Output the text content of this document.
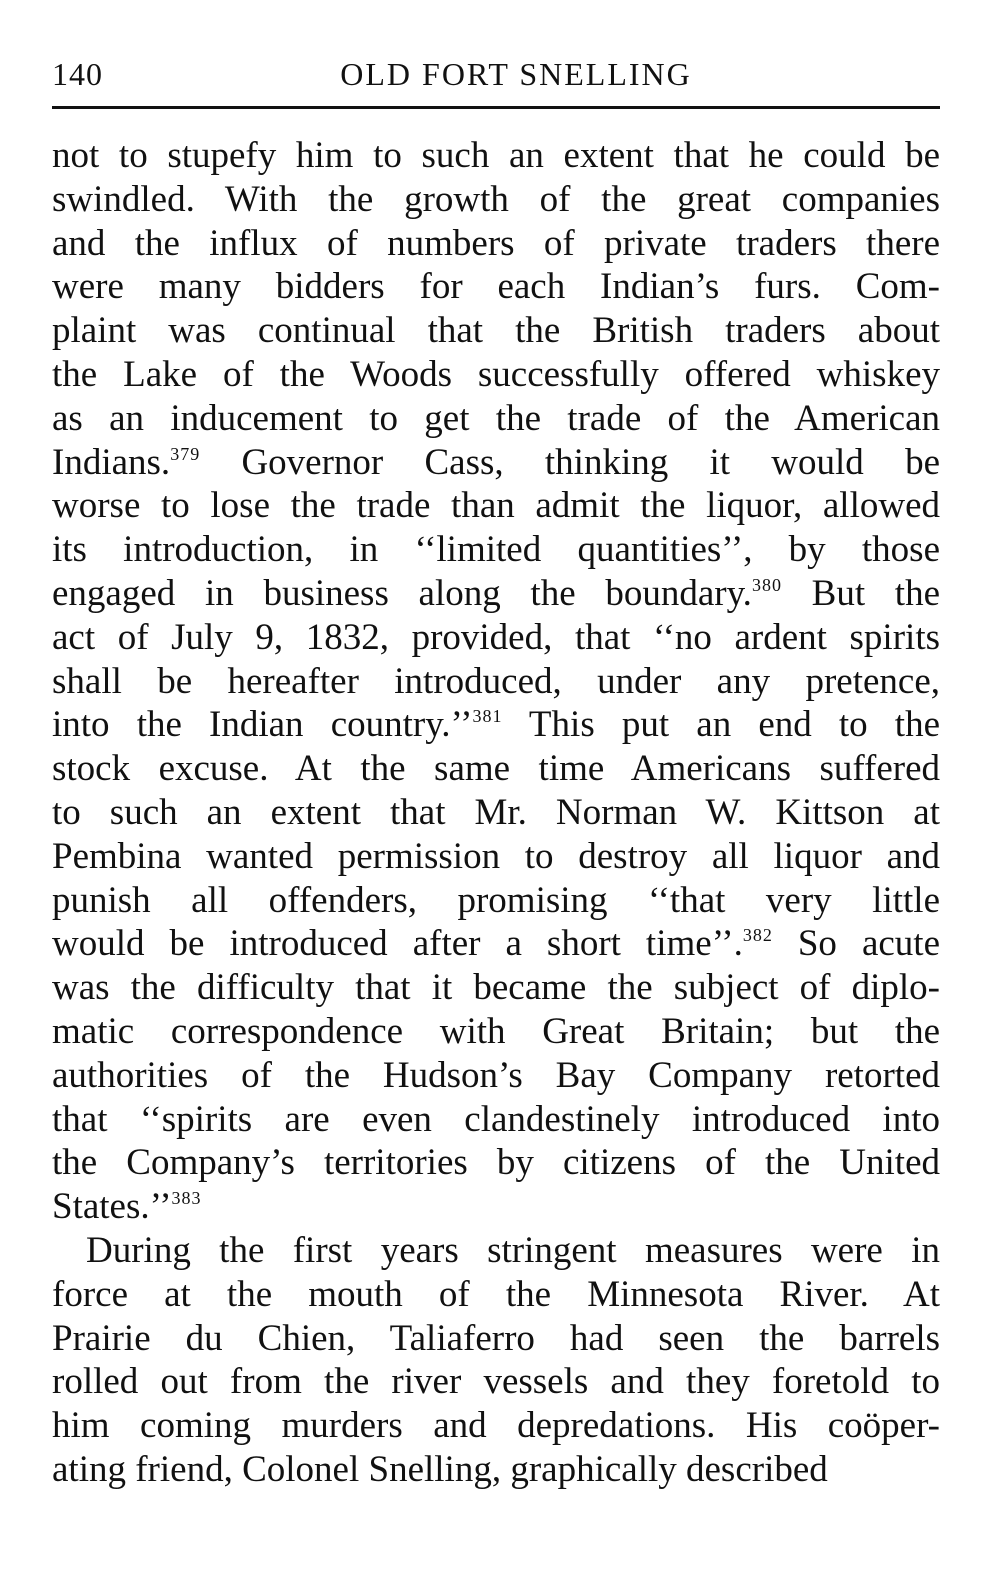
140	OLD FORT SNELLING
not to stupefy him to such an extent that he could be
swindled. With the growth of the great companies
and the influx of numbers of private traders there
were many bidders for each Indian’s furs. Com-
plaint was continual that the British traders about
the Lake of the Woods successfully offered whiskey
as an inducement to get the trade of the American
Indians.$^{379}$ Governor Cass, thinking it would be
worse to lose the trade than admit the liquor, allowed
its introduction, in ‘‘limited quantities’’, by those
engaged in business along the boundary.$^{380}$ But the
act of July 9, 1832, provided, that ‘‘no ardent spirits
shall be hereafter introduced, under any pretence,
into the Indian country.’’$^{381}$ This put an end to the
stock excuse. At the same time Americans suffered
to such an extent that Mr. Norman W. Kittson at
Pembina wanted permission to destroy all liquor and
punish all offenders, promising ‘‘that very little
would be introduced after a short time’’.$^{382}$ So acute
was the difficulty that it became the subject of diplo-
matic correspondence with Great Britain; but the
authorities of the Hudson’s Bay Company retorted
that ‘‘spirits are even clandestinely introduced into
the Company’s territories by citizens of the United
States.’’$^{383}$
During the first years stringent measures were in
force at the mouth of the Minnesota River. At
Prairie du Chien, Taliaferro had seen the barrels
rolled out from the river vessels and they foretold to
him coming murders and depredations. His coöper-
ating friend, Colonel Snelling, graphically described
